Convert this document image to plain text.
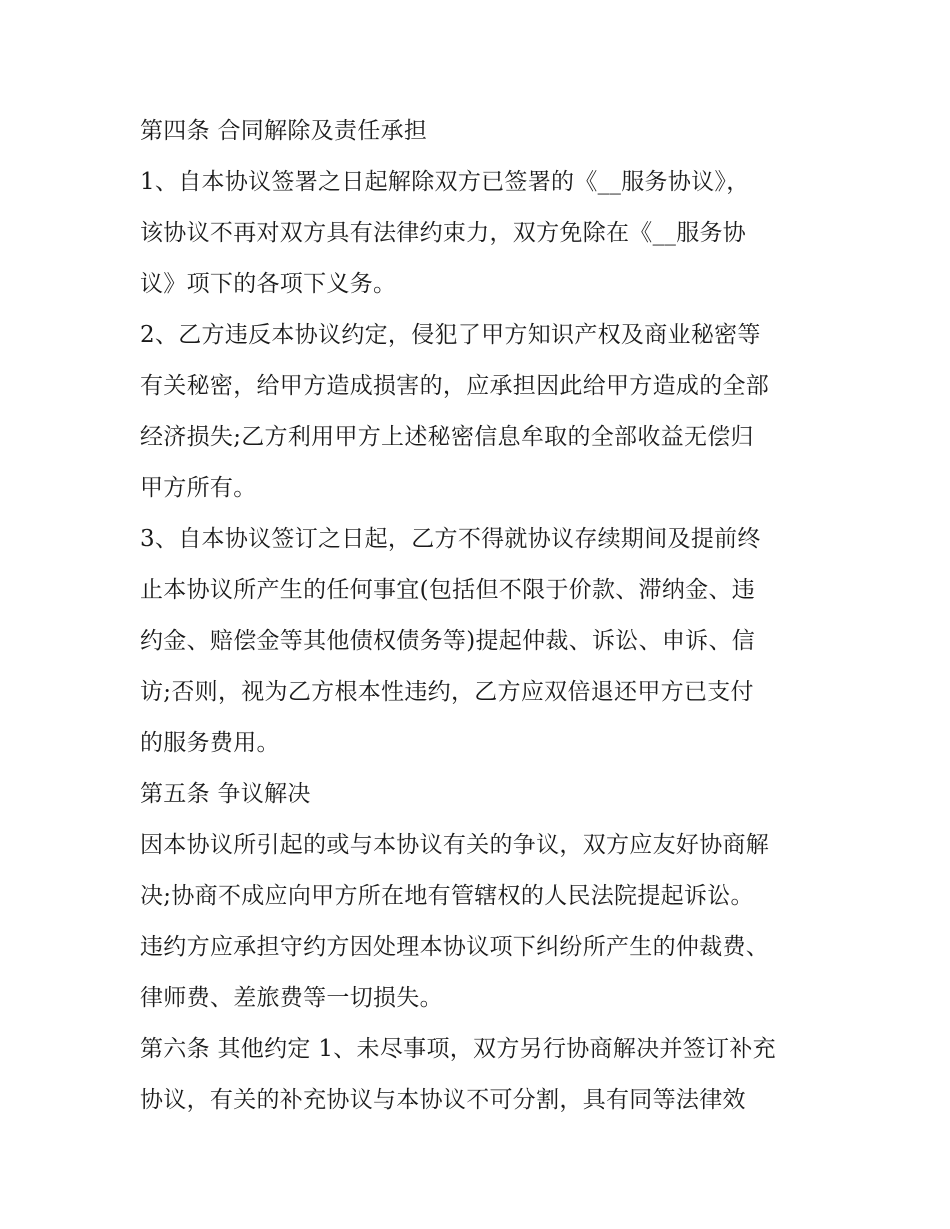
第四条 合同解除及责任承担
1、自本协议签署之日起解除双方已签署的《__服务协议》，
该协议不再对双方具有法律约束力，双方免除在《__服务协
议》项下的各项下义务。
2、乙方违反本协议约定，侵犯了甲方知识产权及商业秘密等
有关秘密，给甲方造成损害的，应承担因此给甲方造成的全部
经济损失;乙方利用甲方上述秘密信息牟取的全部收益无偿归
甲方所有。
3、自本协议签订之日起，乙方不得就协议存续期间及提前终
止本协议所产生的任何事宜(包括但不限于价款、滞纳金、违
约金、赔偿金等其他债权债务等)提起仲裁、诉讼、申诉、信
访;否则，视为乙方根本性违约，乙方应双倍退还甲方已支付
的服务费用。
第五条 争议解决
因本协议所引起的或与本协议有关的争议，双方应友好协商解
决;协商不成应向甲方所在地有管辖权的人民法院提起诉讼。
违约方应承担守约方因处理本协议项下纠纷所产生的仲裁费、
律师费、差旅费等一切损失。
第六条 其他约定 1、未尽事项，双方另行协商解决并签订补充
协议，有关的补充协议与本协议不可分割，具有同等法律效
